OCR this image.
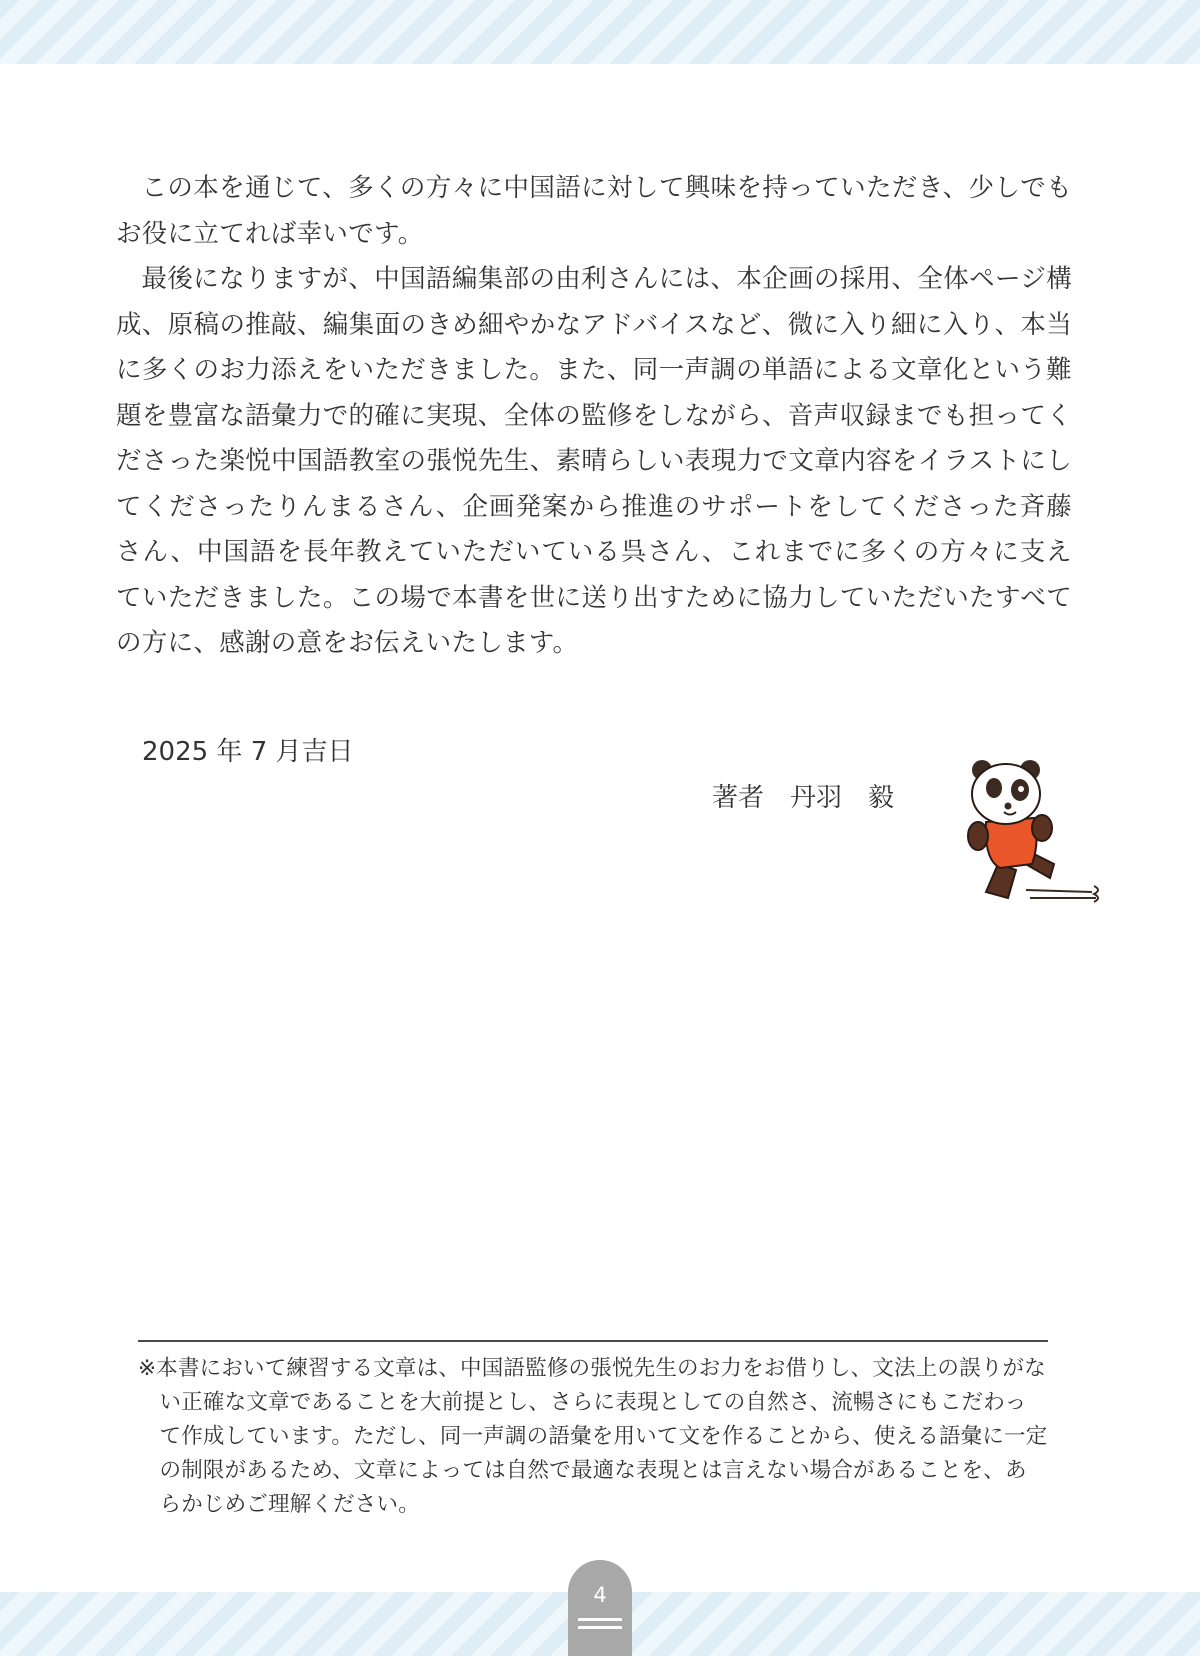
この本を通じて、多くの方々に中国語に対して興味を持っていただき、少しでもお役に立てれば幸いです。

最後になりますが、中国語編集部の由利さんには、本企画の採用、全体ページ構成、原稿の推敲、編集面のきめ細やかなアドバイスなど、微に入り細に入り、本当に多くのお力添えをいただきました。また、同一声調の単語による文章化という難題を豊富な語彙力で的確に実現、全体の監修をしながら、音声収録までも担ってくださった楽悦中国語教室の張悦先生、素晴らしい表現力で文章内容をイラストにしてくださったりんまるさん、企画発案から推進のサポートをしてくださった斉藤さん、中国語を長年教えていただいている呉さん、これまでに多くの方々に支えていただきました。この場で本書を世に送り出すために協力していただいたすべての方に、感謝の意をお伝えいたします。

2025 年 7 月吉日
著者　丹羽　毅

※本書において練習する文章は、中国語監修の張悦先生のお力をお借りし、文法上の誤りがない正確な文章であることを大前提とし、さらに表現としての自然さ、流暢さにもこだわって作成しています。ただし、同一声調の語彙を用いて文を作ることから、使える語彙に一定の制限があるため、文章によっては自然で最適な表現とは言えない場合があることを、あらかじめご理解ください。

4
